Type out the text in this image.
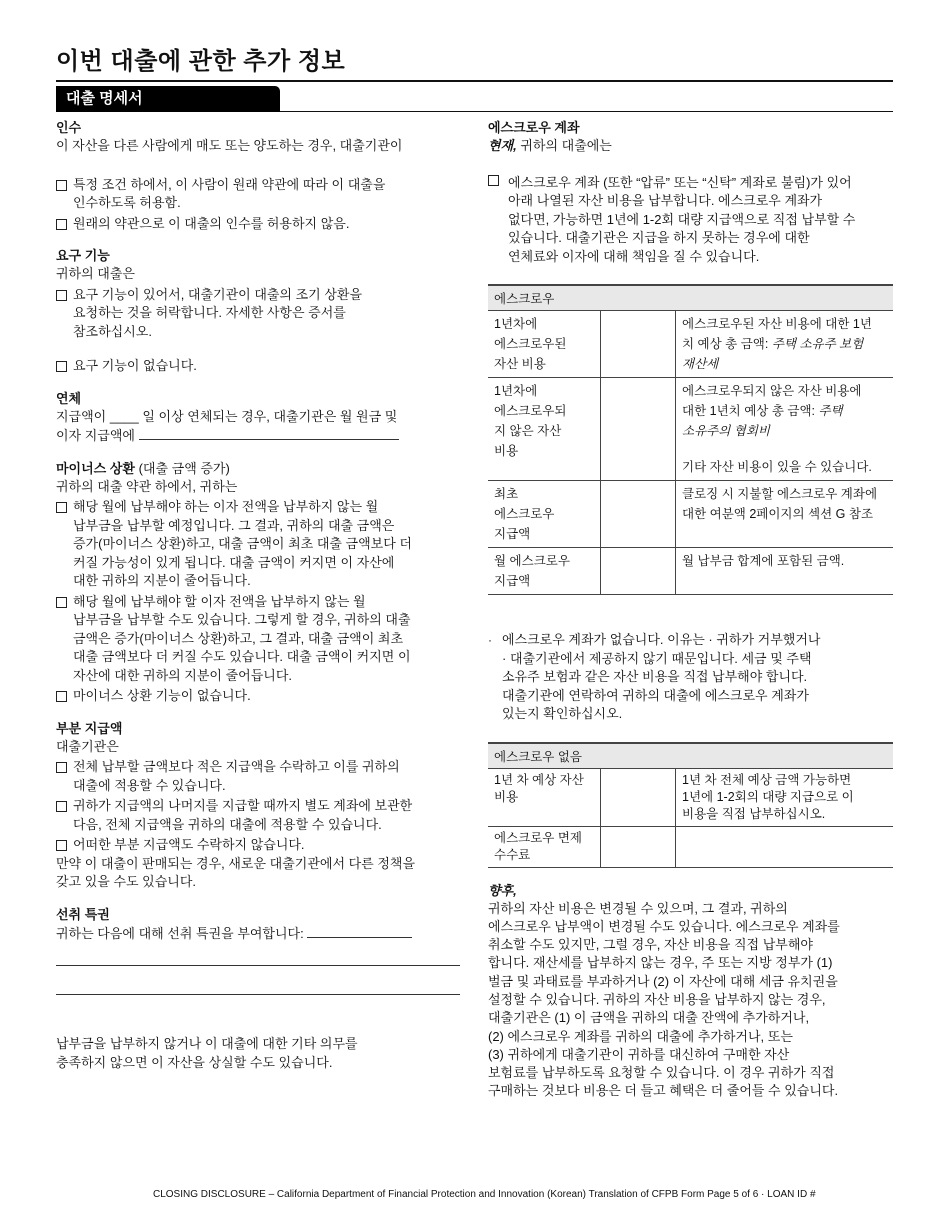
이번 대출에 관한 추가 정보
대출 명세서
인수
이 자산을 다른 사람에게 매도 또는 양도하는 경우, 대출기관이
특정 조건 하에서, 이 사람이 원래 약관에 따라 이 대출을
인수하도록 허용함.
원래의 약관으로 이 대출의 인수를 허용하지 않음.
요구 기능
귀하의 대출은
요구 기능이 있어서, 대출기관이 대출의 조기 상환을
요청하는 것을 허락합니다. 자세한 사항은 증서를
참조하십시오.
요구 기능이 없습니다.
연체
지급액이 ____ 일 이상 연체되는 경우, 대출기관은 월 원금 및
이자 지급액에
마이너스 상환 (대출 금액 증가)
귀하의 대출 약관 하에서, 귀하는
해당 월에 납부해야 하는 이자 전액을 납부하지 않는 월
납부금을 납부할 예정입니다. 그 결과, 귀하의 대출 금액은
증가(마이너스 상환)하고, 대출 금액이 최초 대출 금액보다 더
커질 가능성이 있게 됩니다. 대출 금액이 커지면 이 자산에
대한 귀하의 지분이 줄어듭니다.
해당 월에 납부해야 할 이자 전액을 납부하지 않는 월
납부금을 납부할 수도 있습니다. 그렇게 할 경우, 귀하의 대출
금액은 증가(마이너스 상환)하고, 그 결과, 대출 금액이 최초
대출 금액보다 더 커질 수도 있습니다. 대출 금액이 커지면 이
자산에 대한 귀하의 지분이 줄어듭니다.
마이너스 상환 기능이 없습니다.
부분 지급액
대출기관은
전체 납부할 금액보다 적은 지급액을 수락하고 이를 귀하의
대출에 적용할 수 있습니다.
귀하가 지급액의 나머지를 지급할 때까지 별도 계좌에 보관한
다음, 전체 지급액을 귀하의 대출에 적용할 수 있습니다.
어떠한 부분 지급액도 수락하지 않습니다.
만약 이 대출이 판매되는 경우, 새로운 대출기관에서 다른 정책을
갖고 있을 수도 있습니다.
선취 특권
귀하는 다음에 대해 선취 특권을 부여합니다:
납부금을 납부하지 않거나 이 대출에 대한 기타 의무를
충족하지 않으면 이 자산을 상실할 수도 있습니다.
에스크로우 계좌
현재, 귀하의 대출에는
에스크로우 계좌 (또한 “압류” 또는 “신탁” 계좌로 불림)가 있어
아래 나열된 자산 비용을 납부합니다. 에스크로우 계좌가
없다면, 가능하면 1년에 1-2회 대량 지급액으로 직접 납부할 수
있습니다. 대출기관은 지급을 하지 못하는 경우에 대한
연체료와 이자에 대해 책임을 질 수 있습니다.
에스크로우		
1년차에
에스크로우된
자산 비용		에스크로우된 자산 비용에 대한 1년
치 예상 총 금액: 주택 소유주 보험
재산세
1년차에
에스크로우되
지 않은 자산
비용		에스크로우되지 않은 자산 비용에
대한 1년치 예상 총 금액: 주택
소유주의 협회비
기타 자산 비용이 있을 수 있습니다.

최초
에스크로우
지급액		클로징 시 지불할 에스크로우 계좌에
대한 여분액 2페이지의 섹션 G 참조
월 에스크로우
지급액		월 납부금 합계에 포함된 금액.
· 에스크로우 계좌가 없습니다. 이유는 · 귀하가 거부했거나
· 대출기관에서 제공하지 않기 때문입니다. 세금 및 주택
소유주 보험과 같은 자산 비용을 직접 납부해야 합니다.
대출기관에 연락하여 귀하의 대출에 에스크로우 계좌가
있는지 확인하십시오.
에스크로우 없음		
1년 차 예상 자산
비용		1년 차 전체 예상 금액 가능하면
1년에 1-2회의 대량 지급으로 이
비용을 직접 납부하십시오.
에스크로우 면제
수수료		
향후,
귀하의 자산 비용은 변경될 수 있으며, 그 결과, 귀하의
에스크로우 납부액이 변경될 수도 있습니다. 에스크로우 계좌를
취소할 수도 있지만, 그럴 경우, 자산 비용을 직접 납부해야
합니다. 재산세를 납부하지 않는 경우, 주 또는 지방 정부가 (1)
벌금 및 과태료를 부과하거나 (2) 이 자산에 대해 세금 유치권을
설정할 수 있습니다. 귀하의 자산 비용을 납부하지 않는 경우,
대출기관은 (1) 이 금액을 귀하의 대출 잔액에 추가하거나,
(2) 에스크로우 계좌를 귀하의 대출에 추가하거나, 또는
(3) 귀하에게 대출기관이 귀하를 대신하여 구매한 자산
보험료를 납부하도록 요청할 수 있습니다. 이 경우 귀하가 직접
구매하는 것보다 비용은 더 들고 혜택은 더 줄어들 수 있습니다.
CLOSING DISCLOSURE – California Department of Financial Protection and Innovation (Korean) Translation of CFPB Form Page 5 of 6 · LOAN ID #
